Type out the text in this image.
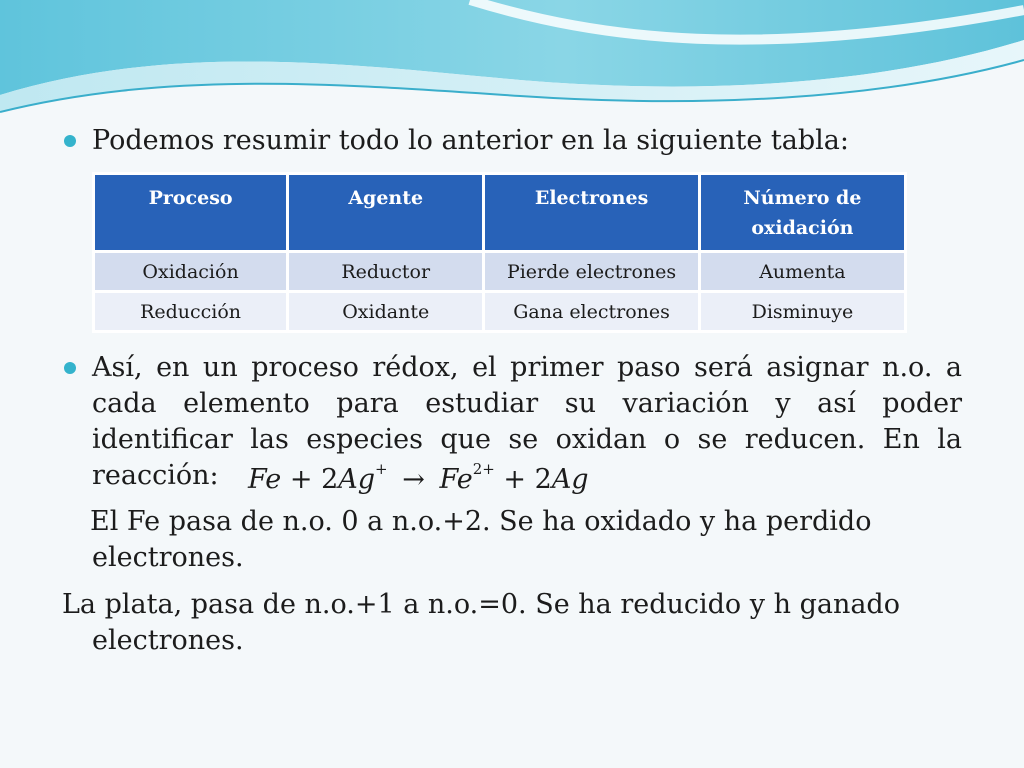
Podemos resumir todo lo anterior en la siguiente tabla:
Proceso	Agente	Electrones	Número de oxidación
Oxidación	Reductor	Pierde electrones	Aumenta
Reducción	Oxidante	Gana electrones	Disminuye
Así, en un proceso rédox, el primer paso será asignar n.o. a cada elemento para estudiar su variación y así poder identificar las especies que se oxidan o se reducen. En la reacción:	$Fe + 2Ag^+ \to Fe^{2+} + 2Ag$
El Fe pasa de n.o. 0 a n.o.+2. Se ha oxidado y ha perdido
electrones.
La plata, pasa de n.o.+1 a n.o.=0. Se ha reducido y h ganado
electrones.
